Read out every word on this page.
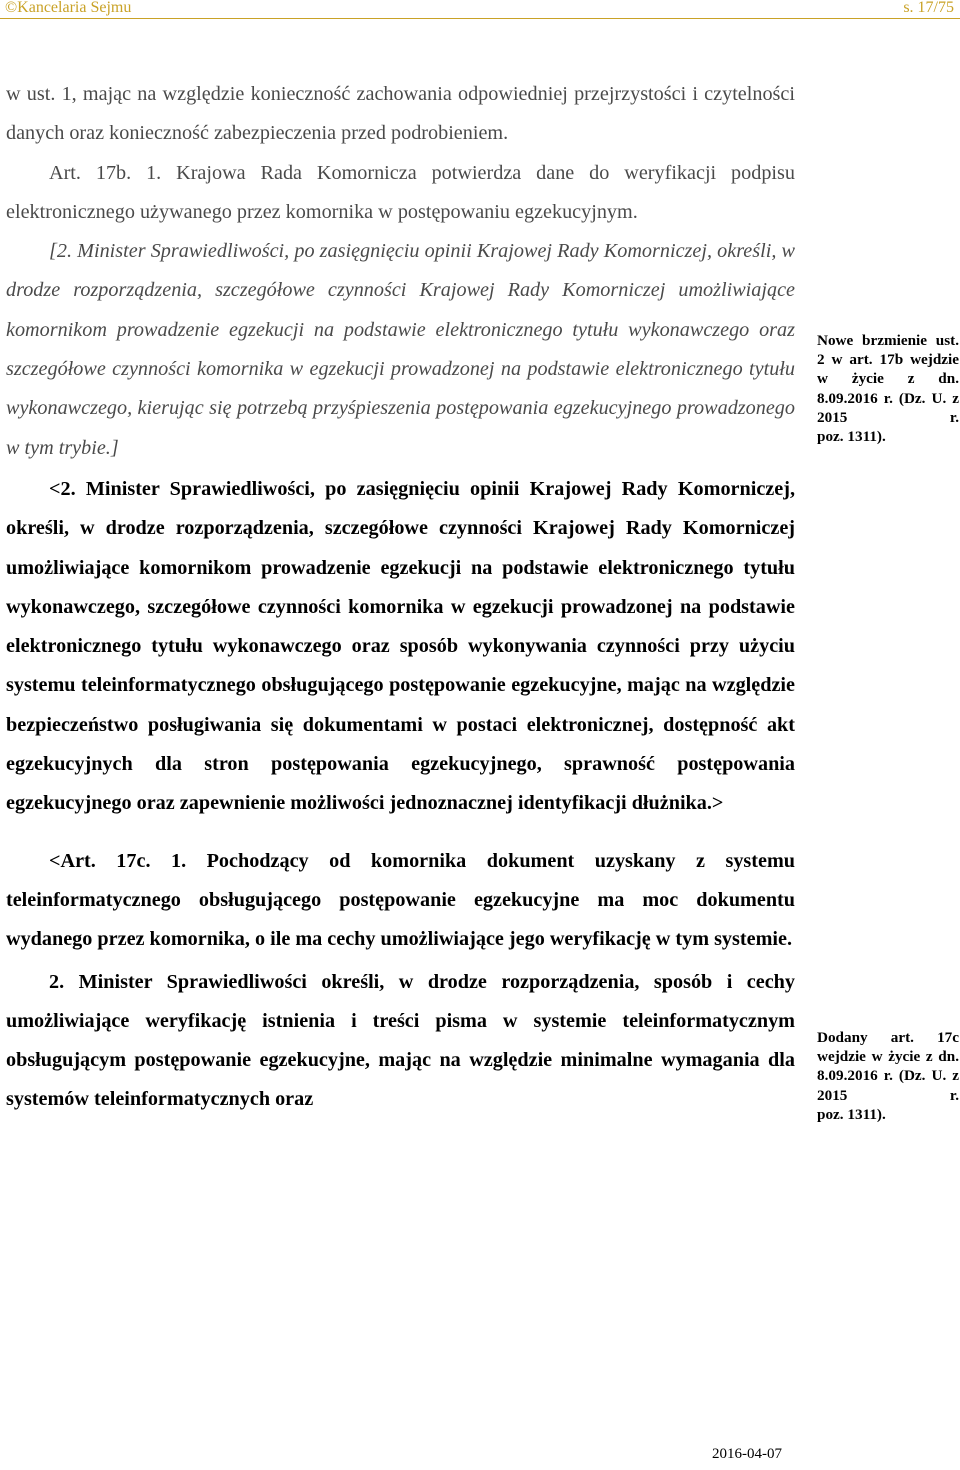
©Kancelaria Sejmu	s. 17/75

w ust. 1, mając na względzie konieczność zachowania odpowiedniej przejrzystości i czytelności danych oraz konieczność zabezpieczenia przed podrobieniem.

Art. 17b. 1. Krajowa Rada Komornicza potwierdza dane do weryfikacji podpisu elektronicznego używanego przez komornika w postępowaniu egzekucyjnym.

[2. Minister Sprawiedliwości, po zasięgnięciu opinii Krajowej Rady Komorniczej, określi, w drodze rozporządzenia, szczegółowe czynności Krajowej Rady Komorniczej umożliwiające komornikom prowadzenie egzekucji na podstawie elektronicznego tytułu wykonawczego oraz szczegółowe czynności komornika w egzekucji prowadzonej na podstawie elektronicznego tytułu wykonawczego, kierując się potrzebą przyśpieszenia postępowania egzekucyjnego prowadzonego w tym trybie.]

<2. Minister Sprawiedliwości, po zasięgnięciu opinii Krajowej Rady Komorniczej, określi, w drodze rozporządzenia, szczegółowe czynności Krajowej Rady Komorniczej umożliwiające komornikom prowadzenie egzekucji na podstawie elektronicznego tytułu wykonawczego, szczegółowe czynności komornika w egzekucji prowadzonej na podstawie elektronicznego tytułu wykonawczego oraz sposób wykonywania czynności przy użyciu systemu teleinformatycznego obsługującego postępowanie egzekucyjne, mając na względzie bezpieczeństwo posługiwania się dokumentami w postaci elektronicznej, dostępność akt egzekucyjnych dla stron postępowania egzekucyjnego, sprawność postępowania egzekucyjnego oraz zapewnienie możliwości jednoznacznej identyfikacji dłużnika.>

<Art. 17c. 1. Pochodzący od komornika dokument uzyskany z systemu teleinformatycznego obsługującego postępowanie egzekucyjne ma moc dokumentu wydanego przez komornika, o ile ma cechy umożliwiające jego weryfikację w tym systemie.

2. Minister Sprawiedliwości określi, w drodze rozporządzenia, sposób i cechy umożliwiające weryfikację istnienia i treści pisma w systemie teleinformatycznym obsługującym postępowanie egzekucyjne, mając na względzie minimalne wymagania dla systemów teleinformatycznych oraz

Nowe brzmienie ust. 2 w art. 17b wejdzie w życie z dn. 8.09.2016 r. (Dz. U. z 2015 r.
poz. 1311).
Dodany art. 17c wejdzie w życie z dn. 8.09.2016 r. (Dz. U. z 2015 r.
poz. 1311).
2016-04-07
